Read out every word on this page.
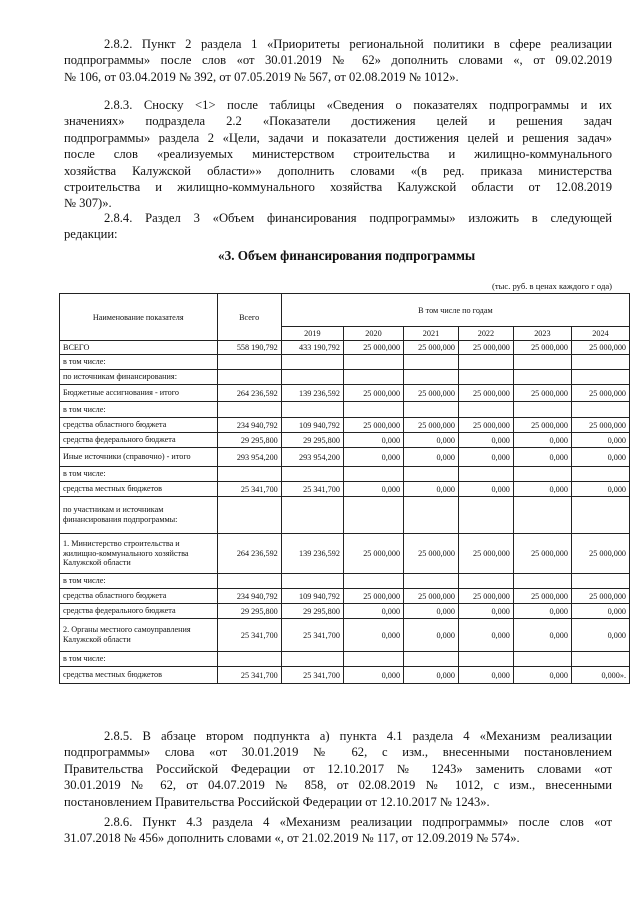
2.8.2. Пункт 2 раздела 1 «Приоритеты региональной политики в сфере реализации
подпрограммы» после слов «от 30.01.2019 № 62» дополнить словами «, от 09.02.2019
№ 106, от 03.04.2019 № 392, от 07.05.2019 № 567, от 02.08.2019 № 1012».

2.8.3. Сноску <1> после таблицы «Сведения о показателях подпрограммы и их
значениях» подраздела 2.2 «Показатели достижения целей и решения задач
подпрограммы» раздела 2 «Цели, задачи и показатели достижения целей и решения задач»
после слов «реализуемых министерством строительства и жилищно-коммунального
хозяйства Калужской области»» дополнить словами «(в ред. приказа министерства
строительства и жилищно-коммунального хозяйства Калужской области от 12.08.2019
№ 307)».

2.8.4. Раздел 3 «Объем финансирования подпрограммы» изложить в следующей
редакции:

«3. Объем финансирования подпрограммы
(тыс. руб. в ценах каждого г ода)
Наименование показателя	Всего	В том числе по годам					
		2019	2020	2021	2022	2023	2024
ВСЕГО	558 190,792	433 190,792	25 000,000	25 000,000	25 000,000	25 000,000	25 000,000
в том числе:							
по источникам финансирования:							
Бюджетные ассигнования - итого	264 236,592	139 236,592	25 000,000	25 000,000	25 000,000	25 000,000	25 000,000
в том числе:							
средства областного бюджета	234 940,792	109 940,792	25 000,000	25 000,000	25 000,000	25 000,000	25 000,000
средства федерального бюджета	29 295,800	29 295,800	0,000	0,000	0,000	0,000	0,000
Иные источники (справочно) - итого	293 954,200	293 954,200	0,000	0,000	0,000	0,000	0,000
в том числе:							
средства местных бюджетов	25 341,700	25 341,700	0,000	0,000	0,000	0,000	0,000
по участникам и источникам финансирования подпрограммы:							
1. Министерство строительства и жилищно-коммунального хозяйства Калужской области	264 236,592	139 236,592	25 000,000	25 000,000	25 000,000	25 000,000	25 000,000
в том числе:							
средства областного бюджета	234 940,792	109 940,792	25 000,000	25 000,000	25 000,000	25 000,000	25 000,000
средства федерального бюджета	29 295,800	29 295,800	0,000	0,000	0,000	0,000	0,000
2. Органы местного самоуправления Калужской области	25 341,700	25 341,700	0,000	0,000	0,000	0,000	0,000
в том числе:							
средства местных бюджетов	25 341,700	25 341,700	0,000	0,000	0,000	0,000	0,000».

2.8.5. В абзаце втором подпункта а) пункта 4.1 раздела 4 «Механизм реализации
подпрограммы» слова «от 30.01.2019 № 62, с изм., внесенными постановлением
Правительства Российской Федерации от 12.10.2017 № 1243» заменить словами «от
30.01.2019 № 62, от 04.07.2019 № 858, от 02.08.2019 № 1012, с изм., внесенными
постановлением Правительства Российской Федерации от 12.10.2017 № 1243».

2.8.6. Пункт 4.3 раздела 4 «Механизм реализации подпрограммы» после слов «от
31.07.2018 № 456» дополнить словами «, от 21.02.2019 № 117, от 12.09.2019 № 574».
